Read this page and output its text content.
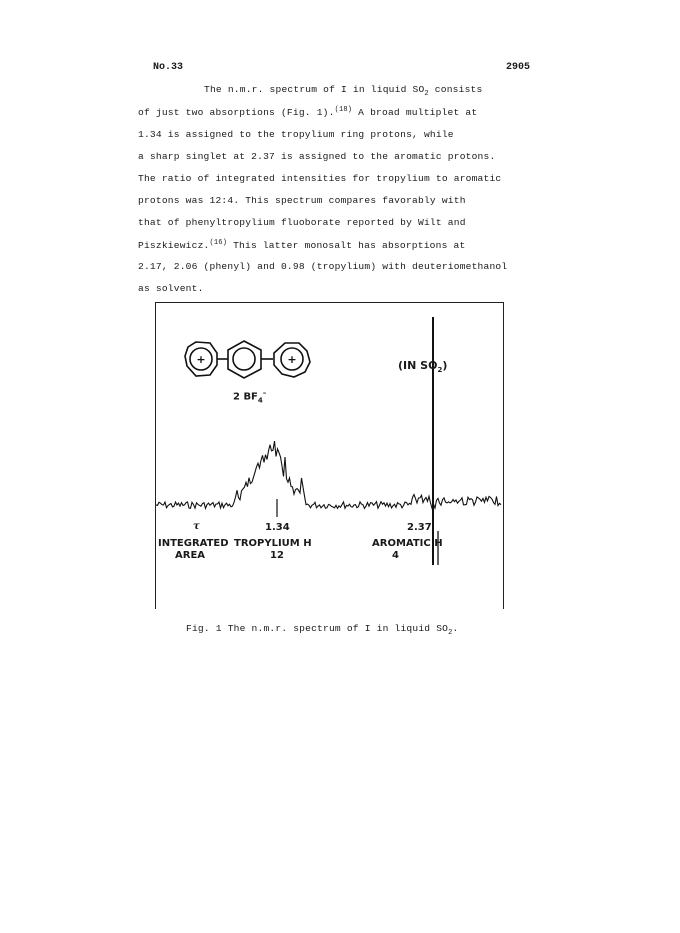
No.33	2905
The n.m.r. spectrum of I in liquid $SO_2$ consists
of just two absorptions (Fig. 1).$^{(18)}$ A broad multiplet at
1.34 is assigned to the tropylium ring protons, while
a sharp singlet at 2.37 is assigned to the aromatic protons.
The ratio of integrated intensities for tropylium to aromatic
protons was 12:4. This spectrum compares favorably with
that of phenyltropylium fluoborate reported by Wilt and
Piszkiewicz.$^{(16)}$ This latter monosalt has absorptions at
2.17, 2.06 (phenyl) and 0.98 (tropylium) with deuteriomethanol
as solvent.
+	+	(IN $SO_2$)
2 $BF_4^-$
τ	1.34	2.37
INTEGRATED
AREA
TROPYLIUM H
12
AROMATIC H
4
Fig. 1 The n.m.r. spectrum of I in liquid $SO_2$.
